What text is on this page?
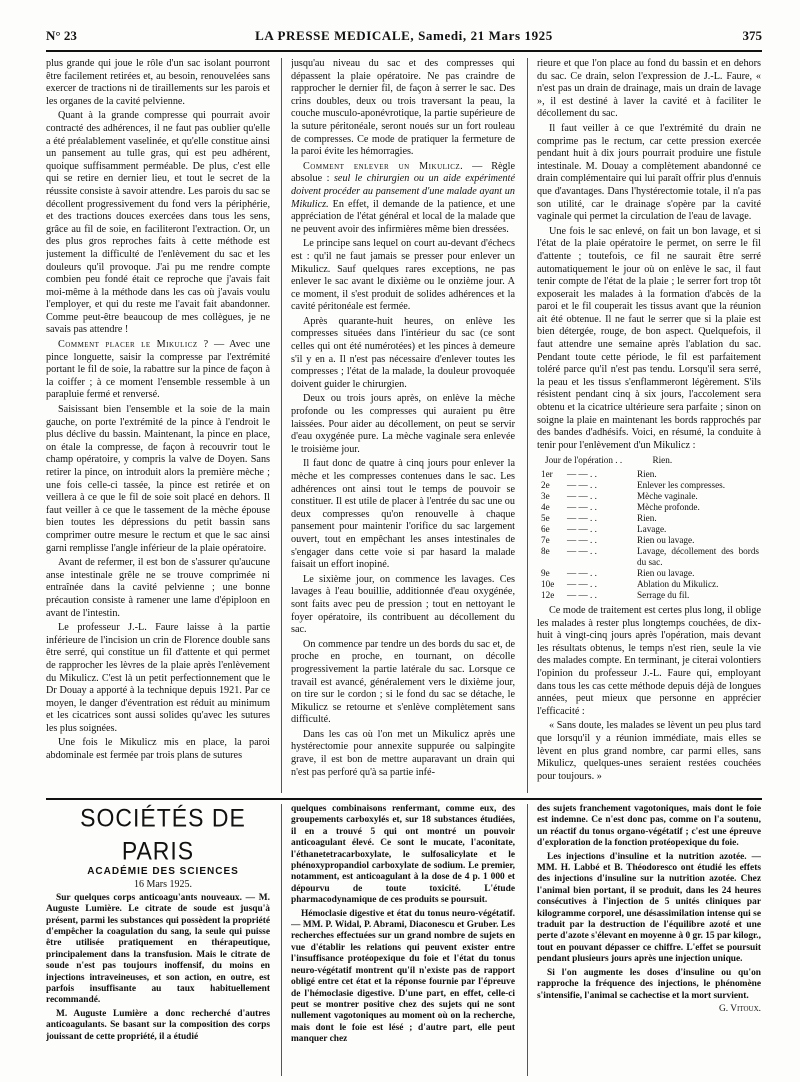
N° 23	LA PRESSE MEDICALE, Samedi, 21 Mars 1925	375

plus grande qui joue le rôle d'un sac isolant pourront être facilement retirées et, au besoin, renouvelées sans exercer de tractions ni de tiraillements sur les parois et les organes de la cavité pelvienne.

Quant à la grande compresse qui pourrait avoir contracté des adhérences, il ne faut pas oublier qu'elle a été préalablement vaselinée, et qu'elle constitue ainsi un pansement au tulle gras, qui est peu adhérent, quoique suffisamment perméable. De plus, c'est elle qui se retire en dernier lieu, et tout le secret de la réussite consiste à savoir attendre. Les parois du sac se décollent progressivement du fond vers la périphérie, et des tractions douces exercées dans tous les sens, grâce au fil de soie, en faciliteront l'extraction. Or, un des plus gros reproches faits à cette méthode est justement la difficulté de l'enlèvement du sac et les douleurs qu'il provoque. J'ai pu me rendre compte combien peu fondé était ce reproche que j'avais fait moi-même à la méthode dans les cas où j'avais voulu l'employer, et qui du reste me l'avait fait abandonner. Comme peut-être beaucoup de mes collègues, je ne savais pas attendre !

Comment placer le Mikulicz ? — Avec une pince longuette, saisir la compresse par l'extrémité portant le fil de soie, la rabattre sur la pince de façon à la coiffer ; à ce moment l'ensemble ressemble à un parapluie fermé et renversé.

Saisissant bien l'ensemble et la soie de la main gauche, on porte l'extrémité de la pince à l'endroit le plus déclive du bassin. Maintenant, la pince en place, on étale la compresse, de façon à recouvrir tout le champ opératoire, y compris la valve de Doyen. Sans retirer la pince, on introduit alors la première mèche ; une fois celle-ci tassée, la pince est retirée et on veillera à ce que le fil de soie soit placé en dehors. Il faut veiller à ce que le tassement de la mèche épouse bien toutes les dépressions du petit bassin sans comprimer outre mesure le rectum et que le sac ainsi garni remplisse l'angle inférieur de la plaie opératoire.

Avant de refermer, il est bon de s'assurer qu'aucune anse intestinale grêle ne se trouve comprimée ni entraînée dans la cavité pelvienne ; une bonne précaution consiste à ramener une lame d'épiploon en avant de l'intestin.

Le professeur J.-L. Faure laisse à la partie inférieure de l'incision un crin de Florence double sans être serré, qui constitue un fil d'attente et qui permet de rapprocher les lèvres de la plaie après l'enlèvement du Mikulicz. C'est là un petit perfectionnement que le Dr Douay a apporté à la technique depuis 1921. Par ce moyen, le danger d'éventration est réduit au minimum et les cicatrices sont aussi solides qu'avec les sutures les plus soignées.

Une fois le Mikulicz mis en place, la paroi abdominale est fermée par trois plans de sutures

jusqu'au niveau du sac et des compresses qui dépassent la plaie opératoire. Ne pas craindre de rapprocher le dernier fil, de façon à serrer le sac. Des crins doubles, deux ou trois traversant la peau, la couche musculo-aponévrotique, la partie supérieure de la suture péritonéale, seront noués sur un fort rouleau de compresses. Ce mode de pratiquer la fermeture de la paroi évite les hémorragies.

Comment enlever un Mikulicz. — Règle absolue : seul le chirurgien ou un aide expérimenté doivent procéder au pansement d'une malade ayant un Mikulicz. En effet, il demande de la patience, et une appréciation de l'état général et local de la malade que ne peuvent avoir des infirmières même bien dressées.

Le principe sans lequel on court au-devant d'échecs est : qu'il ne faut jamais se presser pour enlever un Mikulicz. Sauf quelques rares exceptions, ne pas enlever le sac avant le dixième ou le onzième jour. A ce moment, il s'est produit de solides adhérences et la cavité péritonéale est fermée.

Après quarante-huit heures, on enlève les compresses situées dans l'intérieur du sac (ce sont celles qui ont été numérotées) et les pinces à demeure s'il y en a. Il n'est pas nécessaire d'enlever toutes les compresses ; l'état de la malade, la douleur provoquée doivent guider le chirurgien.

Deux ou trois jours après, on enlève la mèche profonde ou les compresses qui auraient pu être laissées. Pour aider au décollement, on peut se servir d'eau oxygénée pure. La mèche vaginale sera enlevée le troisième jour.

Il faut donc de quatre à cinq jours pour enlever la mèche et les compresses contenues dans le sac. Les adhérences ont ainsi tout le temps de pouvoir se constituer. Il est utile de placer à l'entrée du sac une ou deux compresses qu'on renouvelle à chaque pansement pour maintenir l'orifice du sac largement ouvert, tout en empêchant les anses intestinales de s'engager dans cette voie si par hasard la malade faisait un effort inopiné.

Le sixième jour, on commence les lavages. Ces lavages à l'eau bouillie, additionnée d'eau oxygénée, sont faits avec peu de pression ; tout en nettoyant le foyer opératoire, ils contribuent au décollement du sac.

On commence par tendre un des bords du sac et, de proche en proche, en tournant, on décolle progressivement la partie latérale du sac. Lorsque ce travail est avancé, généralement vers le dixième jour, on tire sur le cordon ; si le fond du sac se détache, le Mikulicz se retourne et s'enlève complètement sans difficulté.

Dans les cas où l'on met un Mikulicz après une hystérectomie pour annexite suppurée ou salpingite grave, il est bon de mettre auparavant un drain qui n'est pas perforé qu'à sa partie infé-

rieure et que l'on place au fond du bassin et en dehors du sac. Ce drain, selon l'expression de J.-L. Faure, « n'est pas un drain de drainage, mais un drain de lavage », il est destiné à laver la cavité et à faciliter le décollement du sac.

Il faut veiller à ce que l'extrémité du drain ne comprime pas le rectum, car cette pression exercée pendant huit à dix jours pourrait produire une fistule intestinale. M. Douay a complètement abandonné ce drain complémentaire qui lui paraît offrir plus d'ennuis que d'avantages. Dans l'hystérectomie totale, il n'a pas son utilité, car le drainage s'opère par la cavité vaginale qui permet la circulation de l'eau de lavage.

Une fois le sac enlevé, on fait un bon lavage, et si l'état de la plaie opératoire le permet, on serre le fil d'attente ; toutefois, ce fil ne saurait être serré automatiquement le jour où on enlève le sac, il faut tenir compte de l'état de la plaie ; le serrer fort trop tôt exposerait les malades à la formation d'abcès de la paroi et le fil couperait les tissus avant que la réunion ait été obtenue. Il ne faut le serrer que si la plaie est bien détergée, rouge, de bon aspect. Quelquefois, il faut attendre une semaine après l'ablation du sac. Pendant toute cette période, le fil est parfaitement toléré parce qu'il n'est pas tendu. Lorsqu'il sera serré, la peau et les tissus s'enflammeront légèrement. S'ils résistent pendant cinq à six jours, l'accolement sera obtenu et la cicatrice ultérieure sera parfaite ; sinon on soigne la plaie en maintenant les bords rapprochés par des bandes d'adhésifs. Voici, en résumé, la conduite à tenir pour l'enlèvement d'un Mikulicz :

Jour de l'opération . .	Rien.
1er	— — . .	Rien.
2e	— — . .	Enlever les compresses.
3e	— — . .	Mèche vaginale.
4e	— — . .	Mèche profonde.
5e	— — . .	Rien.
6e	— — . .	Lavage.
7e	— — . .	Rien ou lavage.
8e	— — . .	Lavage, décollement des bords du sac.
9e	— — . .	Rien ou lavage.
10e	— — . .	Ablation du Mikulicz.
12e	— — . .	Serrage du fil.

Ce mode de traitement est certes plus long, il oblige les malades à rester plus longtemps couchées, de dix-huit à vingt-cinq jours après l'opération, mais devant les résultats obtenus, le temps n'est rien, seule la vie des malades compte. En terminant, je citerai volontiers l'opinion du professeur J.-L. Faure qui, employant dans tous les cas cette méthode depuis déjà de longues années, peut mieux que personne en apprécier l'efficacité :

« Sans doute, les malades se lèvent un peu plus tard que lorsqu'il y a réunion immédiate, mais elles se lèvent en plus grand nombre, car parmi elles, sans Mikulicz, quelques-unes seraient restées couchées pour toujours. »

SOCIÉTÉS DE PARIS

ACADÉMIE DES SCIENCES

16 Mars 1925.

Sur quelques corps anticoagu'ants nouveaux. — M. Auguste Lumière. Le citrate de soude est jusqu'à présent, parmi les substances qui possèdent la propriété d'empêcher la coagulation du sang, la seule qui puisse être utilisée pratiquement en thérapeutique, principalement dans la transfusion. Mais le citrate de soude n'est pas toujours inoffensif, du moins en injections intraveineuses, et son action, en outre, est parfois insuffisante au taux habituellement recommandé.

M. Auguste Lumière a donc recherché d'autres anticoagulants. Se basant sur la composition des corps jouissant de cette propriété, il a étudié

quelques combinaisons renfermant, comme eux, des groupements carboxylés et, sur 18 substances étudiées, il en a trouvé 5 qui ont montré un pouvoir anticoagulant élevé. Ce sont le mucate, l'aconitate, l'éthanetetracarboxylate, le sulfosalicylate et le phénoxypropandiol carboxylate de sodium. Le premier, notamment, est anticoagulant à la dose de 4 p. 1 000 et dépourvu de toute toxicité. L'étude pharmacodynamique de ces produits se poursuit.

Hémoclasie digestive et état du tonus neuro-végétatif. — MM. P. Widal, P. Abrami, Diaconescu et Gruber. Les recherches effectuées sur un grand nombre de sujets en vue d'établir les relations qui peuvent exister entre l'insuffisance protéopexique du foie et l'état du tonus neuro-végétatif montrent qu'il n'existe pas de rapport obligé entre cet état et la réponse fournie par l'épreuve de l'hémoclasie digestive. D'une part, en effet, celle-ci peut se montrer positive chez des sujets qui ne sont nullement vagotoniques au moment où on la recherche, mais dont le foie est lésé ; d'autre part, elle peut manquer chez

des sujets franchement vagotoniques, mais dont le foie est indemne. Ce n'est donc pas, comme on l'a soutenu, un réactif du tonus organo-végétatif ; c'est une épreuve d'exploration de la fonction protéopexique du foie.

Les injections d'insuline et la nutrition azotée. — MM. H. Labbé et B. Théodoresco ont étudié les effets des injections d'insuline sur la nutrition azotée. Chez l'animal bien portant, il se produit, dans les 24 heures consécutives à l'injection de 5 unités cliniques par kilogramme corporel, une désassimilation intense qui se traduit par la destruction de l'équilibre azoté et une perte d'azote s'élevant en moyenne à 0 gr. 15 par kilogr., tout en pouvant dépasser ce chiffre. L'effet se poursuit pendant plusieurs jours après une injection unique.

Si l'on augmente les doses d'insuline ou qu'on rapproche la fréquence des injections, le phénomène s'intensifie, l'animal se cachectise et la mort survient.

G. Vitoux.
